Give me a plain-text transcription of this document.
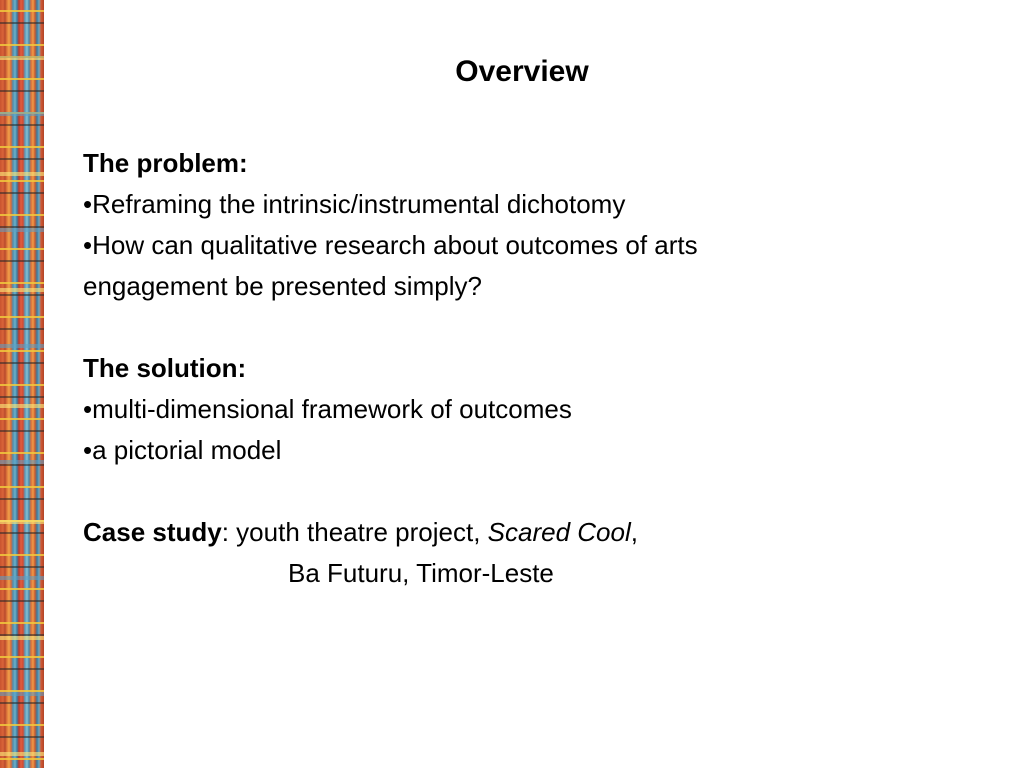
Overview
The problem:
•Reframing the intrinsic/instrumental dichotomy
•How can qualitative research about outcomes of arts
engagement be presented simply?
The solution:
•multi-dimensional framework of outcomes
•a pictorial model
Case study: youth theatre project, Scared Cool,
Ba Futuru, Timor-Leste
